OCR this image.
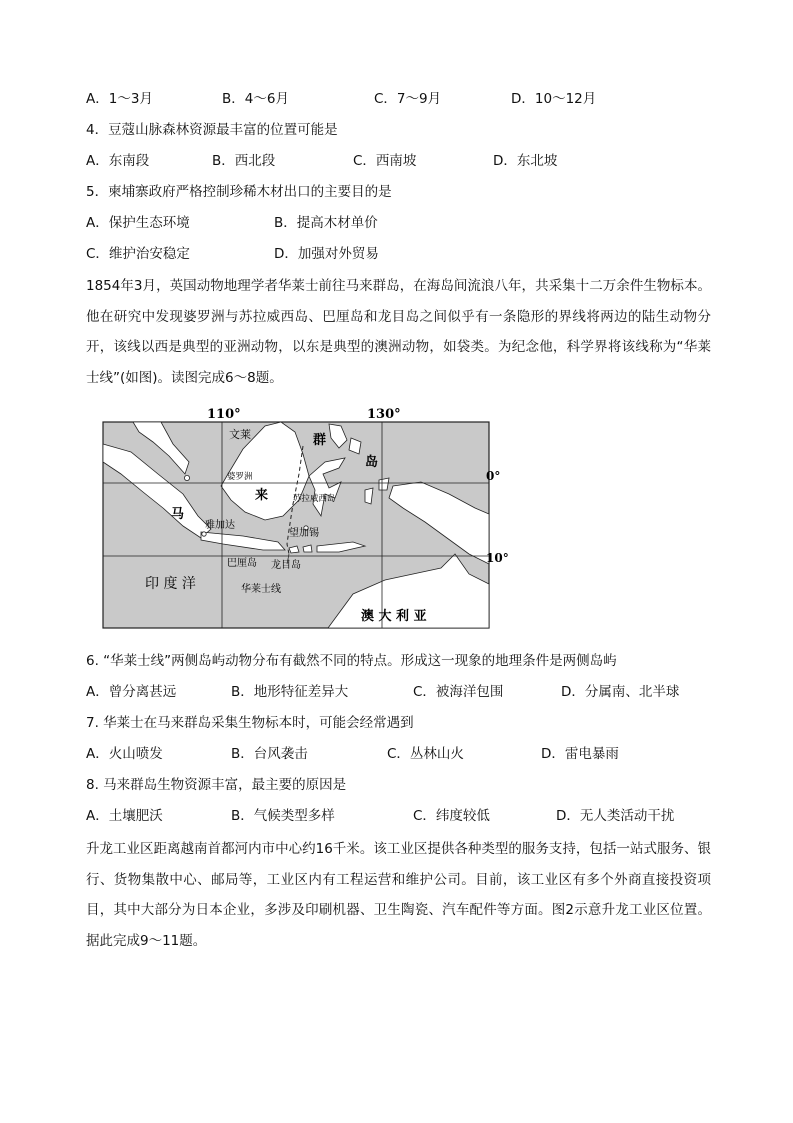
A．1～3月	B．4～6月	C．7～9月	D．10～12月
4．豆蔻山脉森林资源最丰富的位置可能是
A．东南段	B．西北段	C．西南坡	D．东北坡
5．柬埔寨政府严格控制珍稀木材出口的主要目的是
A．保护生态环境	B．提高木材单价
C．维护治安稳定	D．加强对外贸易
1854年3月，英国动物地理学者华莱士前往马来群岛，在海岛间流浪八年，共采集十二万余件生物标本。他在研究中发现婆罗洲与苏拉威西岛、巴厘岛和龙目岛之间似乎有一条隐形的界线将两边的陆生动物分开，该线以西是典型的亚洲动物，以东是典型的澳洲动物，如袋类。为纪念他，科学界将该线称为“华莱士线”(如图)。读图完成6～8题。
110°	130°
0°
10°
文莱
婆罗洲
群
岛
来	苏拉威西岛
马
雅加达
望加锡
巴厘岛 龙目岛
华莱士线
印 度 洋
澳 大 利 亚
6. “华莱士线”两侧岛屿动物分布有截然不同的特点。形成这一现象的地理条件是两侧岛屿
A．曾分离甚远	B．地形特征差异大	C．被海洋包围	D．分属南、北半球
7. 华莱士在马来群岛采集生物标本时，可能会经常遇到
A．火山喷发	B．台风袭击	C．丛林山火	D．雷电暴雨
8. 马来群岛生物资源丰富，最主要的原因是
A．土壤肥沃	B．气候类型多样	C．纬度较低	D．无人类活动干扰
升龙工业区距离越南首都河内市中心约16千米。该工业区提供各种类型的服务支持，包括一站式服务、银行、货物集散中心、邮局等，工业区内有工程运营和维护公司。目前，该工业区有多个外商直接投资项目，其中大部分为日本企业，多涉及印刷机器、卫生陶瓷、汽车配件等方面。图2示意升龙工业区位置。据此完成9～11题。
